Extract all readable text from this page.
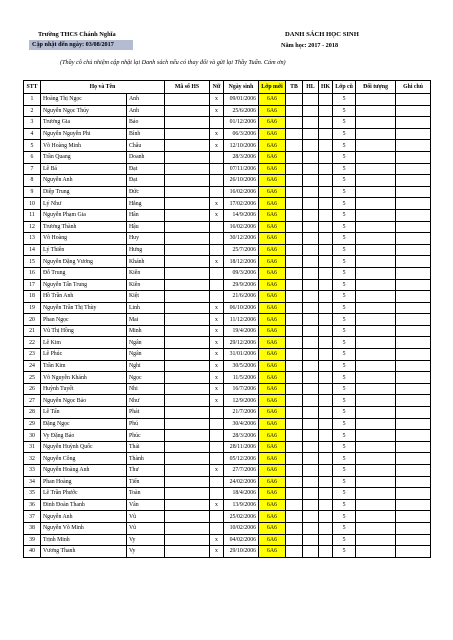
Trường THCS Chánh Nghĩa
Cập nhật đến ngày: 03/08/2017
DANH SÁCH HỌC SINH
Năm học: 2017 - 2018
(Thầy cô chủ nhiệm cập nhật lại Danh sách nếu có thay đổi và gửi lại Thầy Tuấn. Cám ơn)
STT	Họ và Tên		Mã số HS	Nữ	Ngày sinh	Lớp mới	TB	HL	HK	Lớp cũ	Đối tượng	Ghi chú
1	Hoàng Thị Ngọc	Anh		x	09/01/2006	6A6				5		
2	Nguyễn Ngọc Thúy	Anh		x	25/6/2006	6A6				5		
3	Trương Gia	Bảo			01/12/2006	6A6				5		
4	Nguyễn Nguyễn Phi	Bình		x	06/3/2006	6A6				5		
5	Võ Hoàng Minh	Châu		x	12/10/2006	6A6				5		
6	Trần Quang	Doanh			28/3/2006	6A6				5		
7	Lê Bá	Đạt			07/11/2006	6A6				5		
8	Nguyễn Anh	Đạt			26/10/2006	6A6				5		
9	Diệp Trung	Đức			16/02/2006	6A6				5		
10	Lý Như	Hằng		x	17/02/2006	6A6				5		
11	Nguyễn Phạm Gia	Hân		x	14/9/2006	6A6				5		
12	Trương Thành	Hậu			16/02/2006	6A6				5		
13	Võ Hoàng	Huy			30/12/2006	6A6				5		
14	Lý Thiên	Hưng			25/7/2006	6A6				5		
15	Nguyễn Đặng Vương	Khánh		x	18/12/2006	6A6				5		
16	Đỗ Trung	Kiên			09/3/2006	6A6				5		
17	Nguyễn Tấn Trung	Kiên			29/9/2006	6A6				5		
18	Hồ Trần Anh	Kiệt			21/6/2006	6A6				5		
19	Nguyễn Trần Thị Thùy	Linh		x	06/10/2006	6A6				5		
20	Phan Ngọc	Mai		x	11/12/2006	6A6				5		
21	Vũ Thị Hồng	Minh		x	19/4/2006	6A6				5		
22	Lê Kim	Ngân		x	29/12/2006	6A6				5		
23	Lê Phúc	Ngân		x	31/01/2006	6A6				5		
24	Trần Kim	Nghi		x	30/5/2006	6A6				5		
25	Võ Nguyễn Khánh	Ngọc		x	11/5/2006	6A6				5		
26	Huỳnh Tuyết	Nhi		x	16/7/2006	6A6				5		
27	Nguyễn Ngọc Bảo	Như		x	12/9/2006	6A6				5		
28	Lê Tấn	Phát			21/7/2006	6A6				5		
29	Đặng Ngọc	Phú			30/4/2006	6A6				5		
30	Vy Đặng Bảo	Phúc			28/3/2006	6A6				5		
31	Nguyễn Huỳnh Quốc	Thái			28/11/2006	6A6				5		
32	Nguyễn Công	Thành			05/12/2006	6A6				5		
33	Nguyễn Hoàng Anh	Thư		x	27/7/2006	6A6				5		
34	Phan Hoàng	Tiến			24/02/2006	6A6				5		
35	Lê Trần Phước	Toàn			18/4/2006	6A6				5		
36	Đinh Đoàn Thanh	Vân		x	13/9/2006	6A6				5		
37	Nguyễn Anh	Vũ			25/02/2006	6A6				5		
38	Nguyễn Võ Minh	Vũ			10/02/2006	6A6				5		
39	Trịnh Minh	Vy		x	04/02/2006	6A6				5		
40	Vương Thanh	Vy		x	29/10/2006	6A6				5		
